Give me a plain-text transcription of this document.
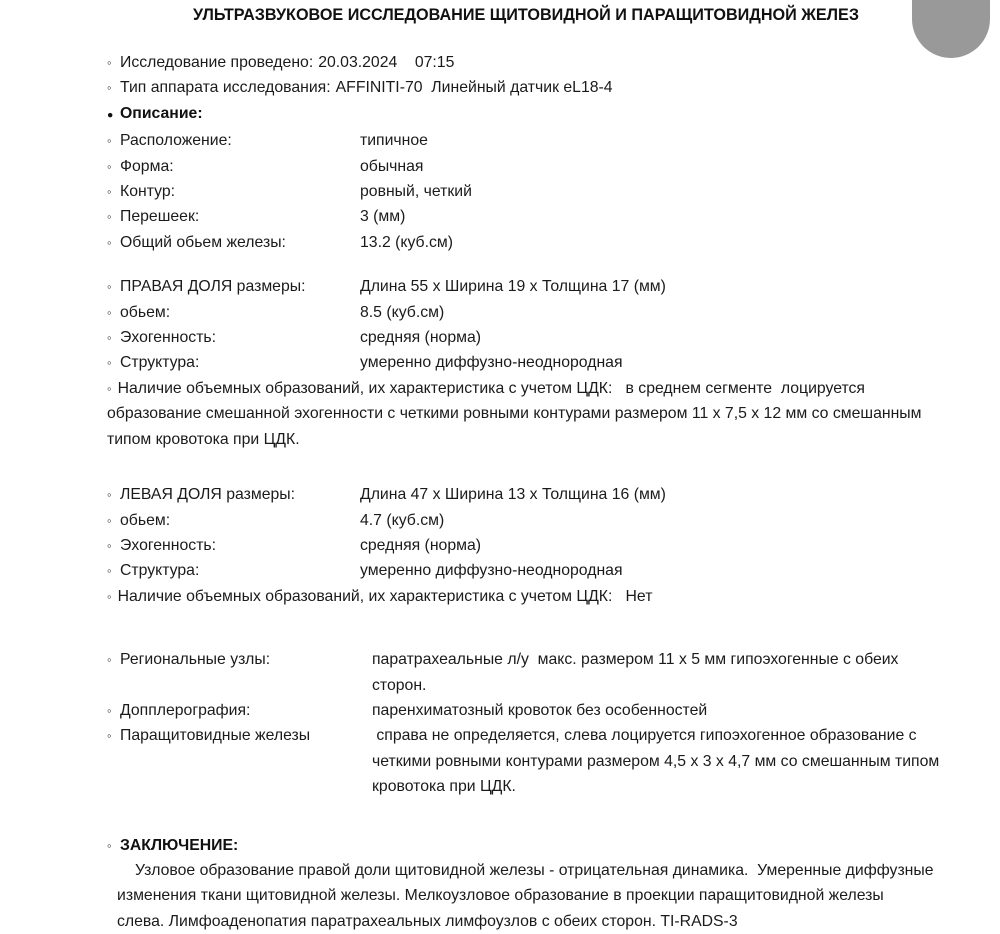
УЛЬТРАЗВУКОВОЕ ИССЛЕДОВАНИЕ ЩИТОВИДНОЙ И ПАРАЩИТОВИДНОЙ ЖЕЛЕЗ
◦
Исследование проведено: 20.03.2024    07:15
◦
Тип аппарата исследования: AFFINITI-70  Линейный датчик eL18-4
●
Описание:
◦
Расположение:	типичное
◦
Форма:	обычная
◦
Контур:	ровный, четкий
◦
Перешеек:	3 (мм)
◦
Общий обьем железы:	13.2 (куб.см)
◦
ПРАВАЯ ДОЛЯ размеры:	Длина 55 х Ширина 19 х Толщина 17 (мм)
◦
обьем:	8.5 (куб.см)
◦
Эхогенность:	средняя (норма)
◦
Структура:	умеренно диффузно-неоднородная
◦ Наличие объемных образований, их характеристика с учетом ЦДК:   в среднем сегменте  лоцируется образование смешанной эхогенности с четкими ровными контурами размером 11 х 7,5 х 12 мм со смешанным типом кровотока при ЦДК.
◦
ЛЕВАЯ ДОЛЯ размеры:	Длина 47 х Ширина 13 х Толщина 16 (мм)
◦
обьем:	4.7 (куб.см)
◦
Эхогенность:	средняя (норма)
◦
Структура:	умеренно диффузно-неоднородная
◦ Наличие объемных образований, их характеристика с учетом ЦДК:   Нет
◦
Региональные узлы:	паратрахеальные л/у  макс. размером 11 х 5 мм гипоэхогенные с обеих сторон.
◦
Допплерография:	паренхиматозный кровоток без особенностей
◦
Паращитовидные железы	справа не определяется, слева лоцируется гипоэхогенное образование с четкими ровными контурами размером 4,5 х 3 х 4,7 мм со смешанным типом кровотока при ЦДК.
◦
ЗАКЛЮЧЕНИЕ:
Узловое образование правой доли щитовидной железы - отрицательная динамика.  Умеренные диффузные изменения ткани щитовидной железы. Мелкоузловое образование в проекции паращитовидной железы слева. Лимфоаденопатия паратрахеальных лимфоузлов с обеих сторон. TI-RADS-3
